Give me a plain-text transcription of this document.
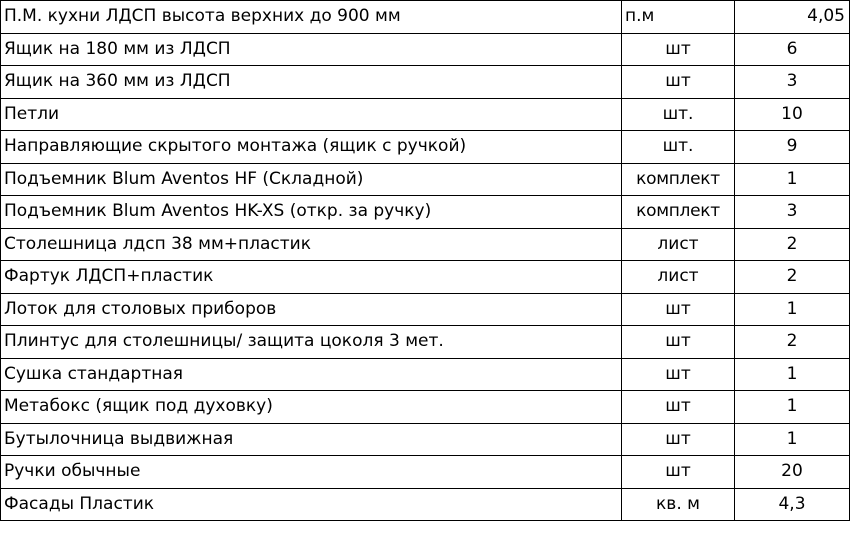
П.М. кухни ЛДСП высота верхних до 900 мм	п.м	4,05
Ящик на 180 мм из ЛДСП	шт	6
Ящик на 360 мм из ЛДСП	шт	3
Петли	шт.	10
Направляющие скрытого монтажа (ящик с ручкой)	шт.	9
Подъемник Blum Aventos HF (Складной)	комплект	1
Подъемник Blum Aventos HK-XS (откр. за ручку)	комплект	3
Столешница лдсп 38 мм+пластик	лист	2
Фартук ЛДСП+пластик	лист	2
Лоток для столовых приборов	шт	1
Плинтус для столешницы/ защита цоколя 3 мет.	шт	2
Сушка стандартная	шт	1
Метабокс (ящик под духовку)	шт	1
Бутылочница выдвижная	шт	1
Ручки обычные	шт	20
Фасады Пластик	кв. м	4,3
